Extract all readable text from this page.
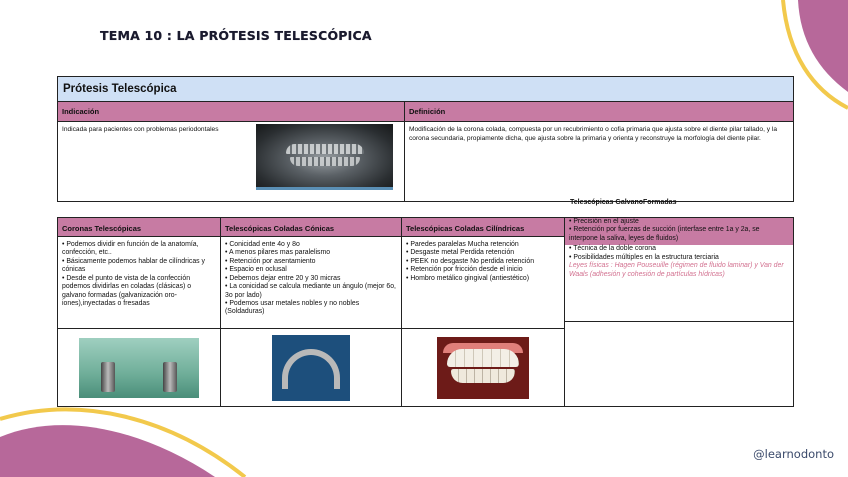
TEMA 10 : LA PRÓTESIS TELESCÓPICA
Prótesis Telescópica
Indicación	Definición
Indicada para pacientes con problemas periodontales	Modificación de la corona colada, compuesta por un recubrimiento o cofia primaria que ajusta sobre el diente pilar tallado, y la corona secundaria, propiamente dicha, que ajusta sobre la primaria y orienta y reconstruye la morfología del diente pilar.
Telescópicas GalvanoFormadas
Coronas Telescópicas
• Podemos dividir en función de la anatomía, confección, etc..
• Básicamente podemos hablar de cilíndricas y cónicas
• Desde el punto de vista de la confección podemos dividirlas en coladas (clásicas) o galvano formadas (galvanización oro-iones),inyectadas o fresadas
Telescópicas Coladas Cónicas
• Conicidad ente 4o y 8o
• A menos pilares mas paralelismo
• Retención por asentamiento
• Espacio en oclusal
• Debemos dejar entre 20 y 30 micras
• La conicidad se calcula mediante un ángulo (mejor 6o, 3o por lado)
• Podemos usar metales nobles y no nobles (Soldaduras)
Telescópicas Coladas Cilíndricas
• Paredes paralelas Mucha retención
• Desgaste metal Perdida retención
• PEEK no desgaste No perdida retención
• Retención por fricción desde el inicio
• Hombro metálico gingival (antiestético)
• Precisión en el ajuste
• Retención por fuerzas de succión (interfase entre 1a y 2a, se interpone la saliva, leyes de fluidos)
• Técnica de la doble corona
• Posibilidades múltiples en la estructura terciaria
Leyes físicas : Hagen Pouseuille (régimen de fluido laminar) y Van der Waals (adhesión y cohesión de partículas hídricas)
@learnodonto
